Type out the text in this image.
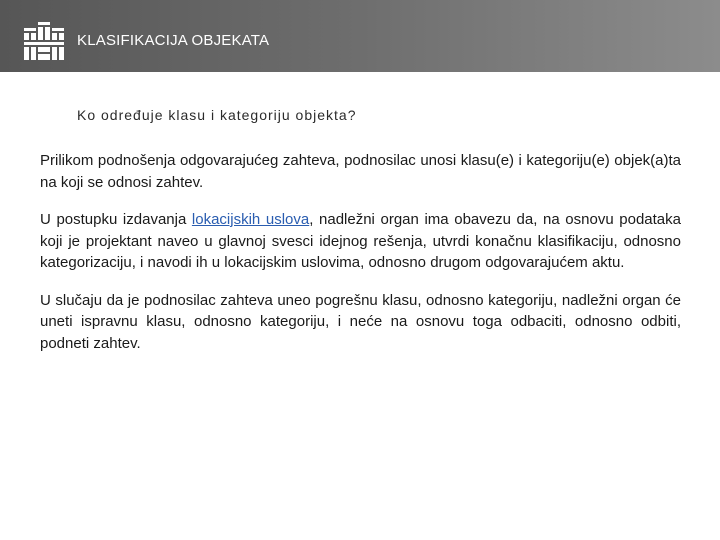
KLASIFIKACIJA OBJEKATA
Ko određuje klasu i kategoriju objekta?

Prilikom podnošenja odgovarajućeg zahteva, podnosilac unosi klasu(e) i kategoriju(e) objek(a)ta na koji se odnosi zahtev.

U postupku izdavanja lokacijskih uslova, nadležni organ ima obavezu da, na osnovu podataka koji je projektant naveo u glavnoj svesci idejnog rešenja, utvrdi konačnu klasifikaciju, odnosno kategorizaciju, i navodi ih u lokacijskim uslovima, odnosno drugom odgovarajućem aktu.

U slučaju da je podnosilac zahteva uneo pogrešnu klasu, odnosno kategoriju, nadležni organ će uneti ispravnu klasu, odnosno kategoriju, i neće na osnovu toga odbaciti, odnosno odbiti, podneti zahtev.
